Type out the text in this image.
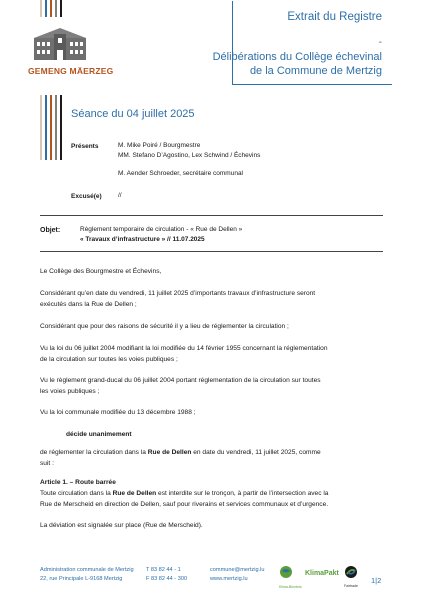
GEMENG MÄERZEG
Extrait du Registre
-
Délibérations du Collège échevinal
de la Commune de Mertzig
Séance du 04 juillet 2025
Présents	M. Mike Poiré / Bourgmestre
MM. Stefano D’Agostino, Lex Schwind / Échevins
M. Aender Schroeder, secrétaire communal
Excusé(e)	//
Objet:	Règlement temporaire de circulation - « Rue de Dellen »
« Travaux d’infrastructure » // 11.07.2025
Le Collège des Bourgmestre et Échevins,
Considérant qu’en date du vendredi, 11 juillet 2025 d’importants travaux d’infrastructure seront
exécutés dans la Rue de Dellen ;
Considérant que pour des raisons de sécurité il y a lieu de réglementer la circulation ;
Vu la loi du 06 juillet 2004 modifiant la loi modifiée du 14 février 1955 concernant la réglementation
de la circulation sur toutes les voies publiques ;
Vu le règlement grand-ducal du 06 juillet 2004 portant réglementation de la circulation sur toutes
les voies publiques ;
Vu la loi communale modifiée du 13 décembre 1988 ;
décide unanimement
de réglementer la circulation dans la Rue de Dellen en date du vendredi, 11 juillet 2025, comme
suit :
Article 1. – Route barrée
Toute circulation dans la Rue de Dellen est interdite sur le tronçon, à partir de l’intersection avec la
Rue de Merscheid en direction de Dellen, sauf pour riverains et services communaux et d’urgence.
La déviation est signalée sur place (Rue de Merscheid).
Administration communale de Mertzig
22, rue Principale L-9168 Mertzig
T 83 82 44 - 1
F 83 82 44 - 300
commune@mertzig.lu
www.mertzig.lu
Klima-Bündnis
KlimaPakt
Fairtrade
1|2
